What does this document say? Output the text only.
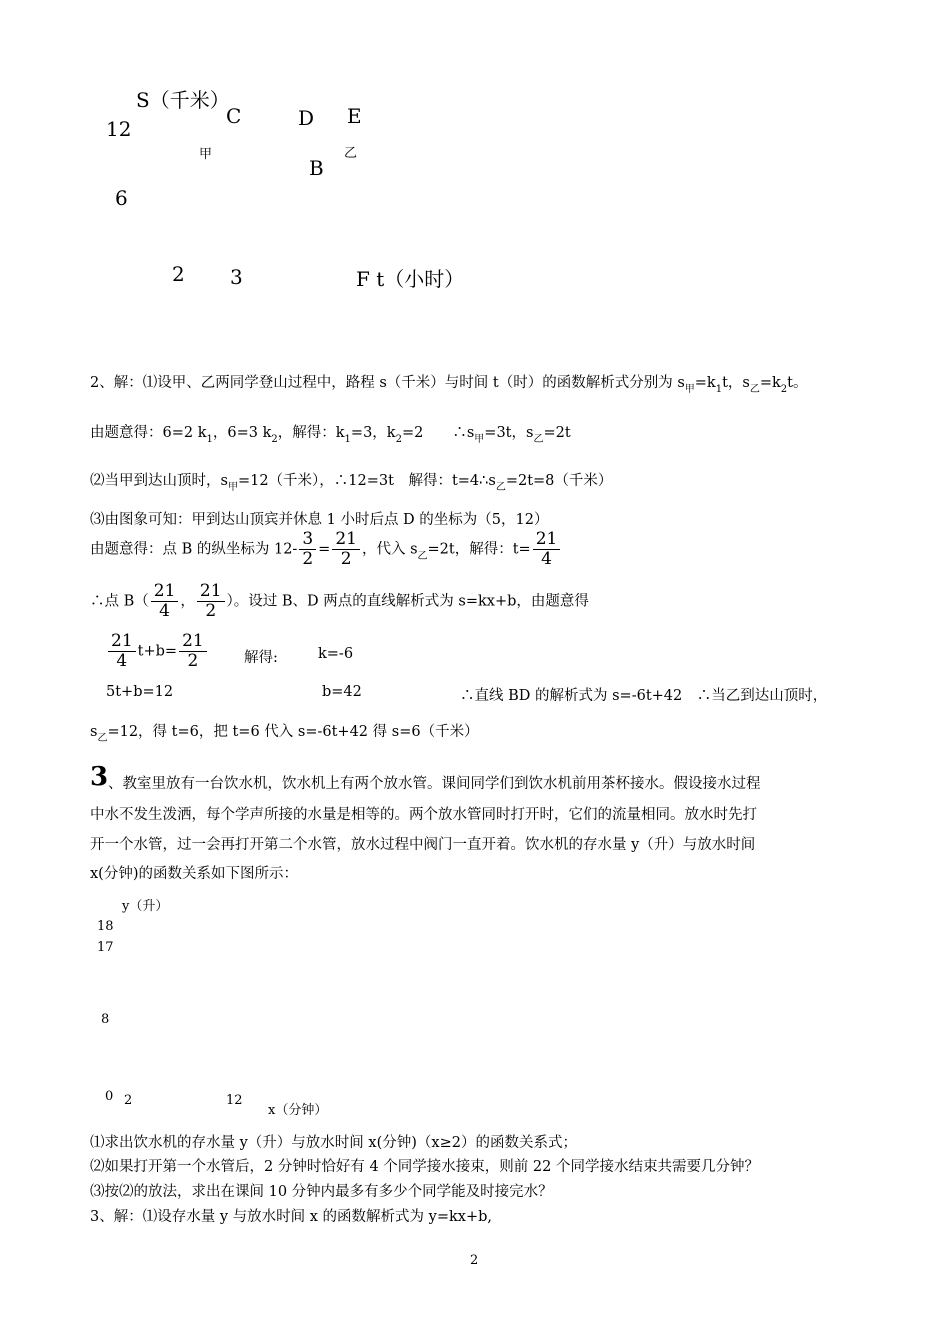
S（千米）
12
C	D E
甲	乙
B
6
2 3	F t（小时）
2、解：⑴设甲、乙两同学登山过程中，路程 s（千米）与时间 t（时）的函数解析式分别为 $s_甲=k_1t$，$s_乙=k_2t$。
由题意得：6=2 $k_1$，6=3 $k_2$，解得：$k_1=3$，$k_2=2$　　$\therefore s_甲=3t$，$s_乙=2t$
⑵当甲到达山顶时，$s_甲=12$（千米），∴12=3t　解得：$t=4\therefore s_乙=2t=8$（千米）
⑶由图象可知：甲到达山顶宾并休息 1 小时后点 D 的坐标为（5，12）
由题意得：点 B 的纵坐标为 $12- \frac{3}{2} = \frac{21}{2}$ ，代入 $s_乙=2t$，解得：$t= \frac{21}{4}$
∴点 $B( \frac{21}{4}$ ， $\frac{21}{2}$ ）。设过 B、D 两点的直线解析式为 s=kx+b，由题意得
$\frac{21}{4} t+b= \frac{21}{2}$	解得:	k=-6
5t+b=12	b=42	∴直线 BD 的解析式为 s=-6t+42　∴当乙到达山顶时，
$s_乙=12$，得 t=6，把 t=6 代入 s=-6t+42 得 s=6（千米）
3 、教室里放有一台饮水机，饮水机上有两个放水管。课间同学们到饮水机前用茶杯接水。假设接水过程
中水不发生泼洒，每个学声所接的水量是相等的。两个放水管同时打开时，它们的流量相同。放水时先打
开一个水管，过一会再打开第二个水管，放水过程中阀门一直开着。饮水机的存水量 y（升）与放水时间
x(分钟)的函数关系如下图所示：
y（升）
18
17
8
0 2	12
x（分钟）
⑴求出饮水机的存水量 y（升）与放水时间 x(分钟)（x≥2）的函数关系式；
⑵如果打开第一个水管后，2 分钟时恰好有 4 个同学接水接束，则前 22 个同学接水结束共需要几分钟？
⑶按⑵的放法，求出在课间 10 分钟内最多有多少个同学能及时接完水？
3、解：⑴设存水量 y 与放水时间 x 的函数解析式为 y=kx+b,
2
